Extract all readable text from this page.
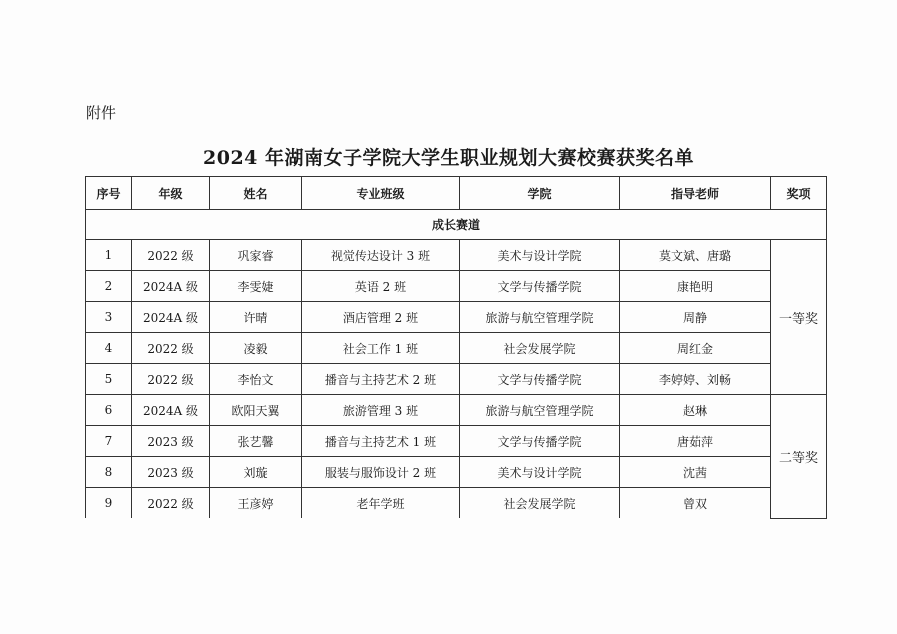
附件
2024 年湖南女子学院大学生职业规划大赛校赛获奖名单
序号	年级	姓名	专业班级	学院	指导老师	奖项
成长赛道						
1	2022 级	巩家睿	视觉传达设计 3 班	美术与设计学院	莫文斌、唐璐	一等奖
2	2024A 级	李雯婕	英语 2 班	文学与传播学院	康艳明	
3	2024A 级	许晴	酒店管理 2 班	旅游与航空管理学院	周静	
4	2022 级	凌毅	社会工作 1 班	社会发展学院	周红金	
5	2022 级	李怡文	播音与主持艺术 2 班	文学与传播学院	李婷婷、刘畅	
6	2024A 级	欧阳天翼	旅游管理 3 班	旅游与航空管理学院	赵琳	二等奖
7	2023 级	张艺馨	播音与主持艺术 1 班	文学与传播学院	唐茹萍	
8	2023 级	刘璇	服装与服饰设计 2 班	美术与设计学院	沈茜	
9	2022 级	王彦婷	老年学班	社会发展学院	曾双	
